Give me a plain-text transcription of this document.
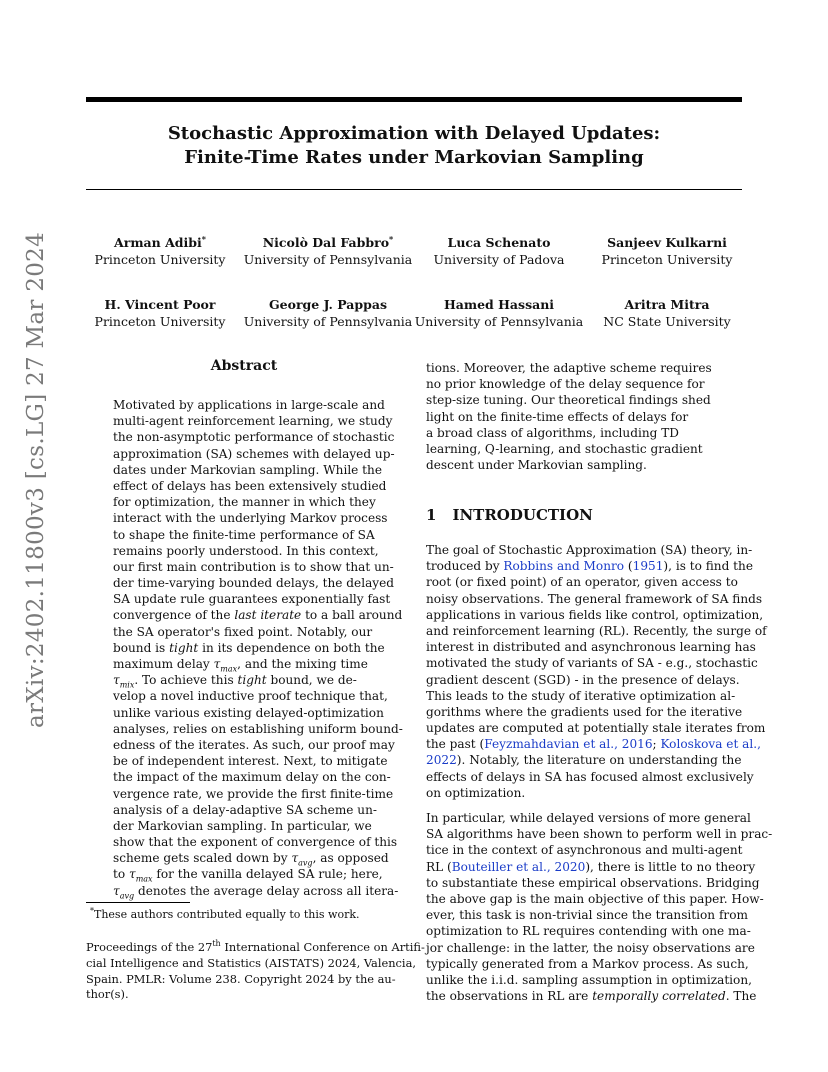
arXiv:2402.11800v3 [cs.LG] 27 Mar 2024
Stochastic Approximation with Delayed Updates:
Finite-Time Rates under Markovian Sampling
Arman Adibi*
Princeton University
Nicolò Dal Fabbro*
University of Pennsylvania
Luca Schenato
University of Padova
Sanjeev Kulkarni
Princeton University
H. Vincent Poor
Princeton University
George J. Pappas
University of Pennsylvania
Hamed Hassani
University of Pennsylvania
Aritra Mitra
NC State University
Abstract
Motivated by applications in large-scale and
multi-agent reinforcement learning, we study
the non-asymptotic performance of stochastic
approximation (SA) schemes with delayed up-
dates under Markovian sampling. While the
effect of delays has been extensively studied
for optimization, the manner in which they
interact with the underlying Markov process
to shape the finite-time performance of SA
remains poorly understood. In this context,
our first main contribution is to show that un-
der time-varying bounded delays, the delayed
SA update rule guarantees exponentially fast
convergence of the last iterate to a ball around
the SA operator's fixed point. Notably, our
bound is tight in its dependence on both the
maximum delay $\tau_{max}$, and the mixing time
$\tau_{mix}$. To achieve this tight bound, we de-
velop a novel inductive proof technique that,
unlike various existing delayed-optimization
analyses, relies on establishing uniform bound-
edness of the iterates. As such, our proof may
be of independent interest. Next, to mitigate
the impact of the maximum delay on the con-
vergence rate, we provide the first finite-time
analysis of a delay-adaptive SA scheme un-
der Markovian sampling. In particular, we
show that the exponent of convergence of this
scheme gets scaled down by $\tau_{avg}$, as opposed
to $\tau_{max}$ for the vanilla delayed SA rule; here,
$\tau_{avg}$ denotes the average delay across all itera-
tions. Moreover, the adaptive scheme requires
no prior knowledge of the delay sequence for
step-size tuning. Our theoretical findings shed
light on the finite-time effects of delays for
a broad class of algorithms, including TD
learning, Q-learning, and stochastic gradient
descent under Markovian sampling.
1 INTRODUCTION
The goal of Stochastic Approximation (SA) theory, in-
troduced by Robbins and Monro (1951), is to find the
root (or fixed point) of an operator, given access to
noisy observations. The general framework of SA finds
applications in various fields like control, optimization,
and reinforcement learning (RL). Recently, the surge of
interest in distributed and asynchronous learning has
motivated the study of variants of SA - e.g., stochastic
gradient descent (SGD) - in the presence of delays.
This leads to the study of iterative optimization al-
gorithms where the gradients used for the iterative
updates are computed at potentially stale iterates from
the past (Feyzmahdavian et al., 2016; Koloskova et al.,
2022). Notably, the literature on understanding the
effects of delays in SA has focused almost exclusively
on optimization.
In particular, while delayed versions of more general
SA algorithms have been shown to perform well in prac-
tice in the context of asynchronous and multi-agent
RL (Bouteiller et al., 2020), there is little to no theory
to substantiate these empirical observations. Bridging
the above gap is the main objective of this paper. How-
ever, this task is non-trivial since the transition from
optimization to RL requires contending with one ma-
jor challenge: in the latter, the noisy observations are
typically generated from a Markov process. As such,
unlike the i.i.d. sampling assumption in optimization,
the observations in RL are temporally correlated. The
*These authors contributed equally to this work.
Proceedings of the 27th International Conference on Artifi-
cial Intelligence and Statistics (AISTATS) 2024, Valencia,
Spain. PMLR: Volume 238. Copyright 2024 by the au-
thor(s).
